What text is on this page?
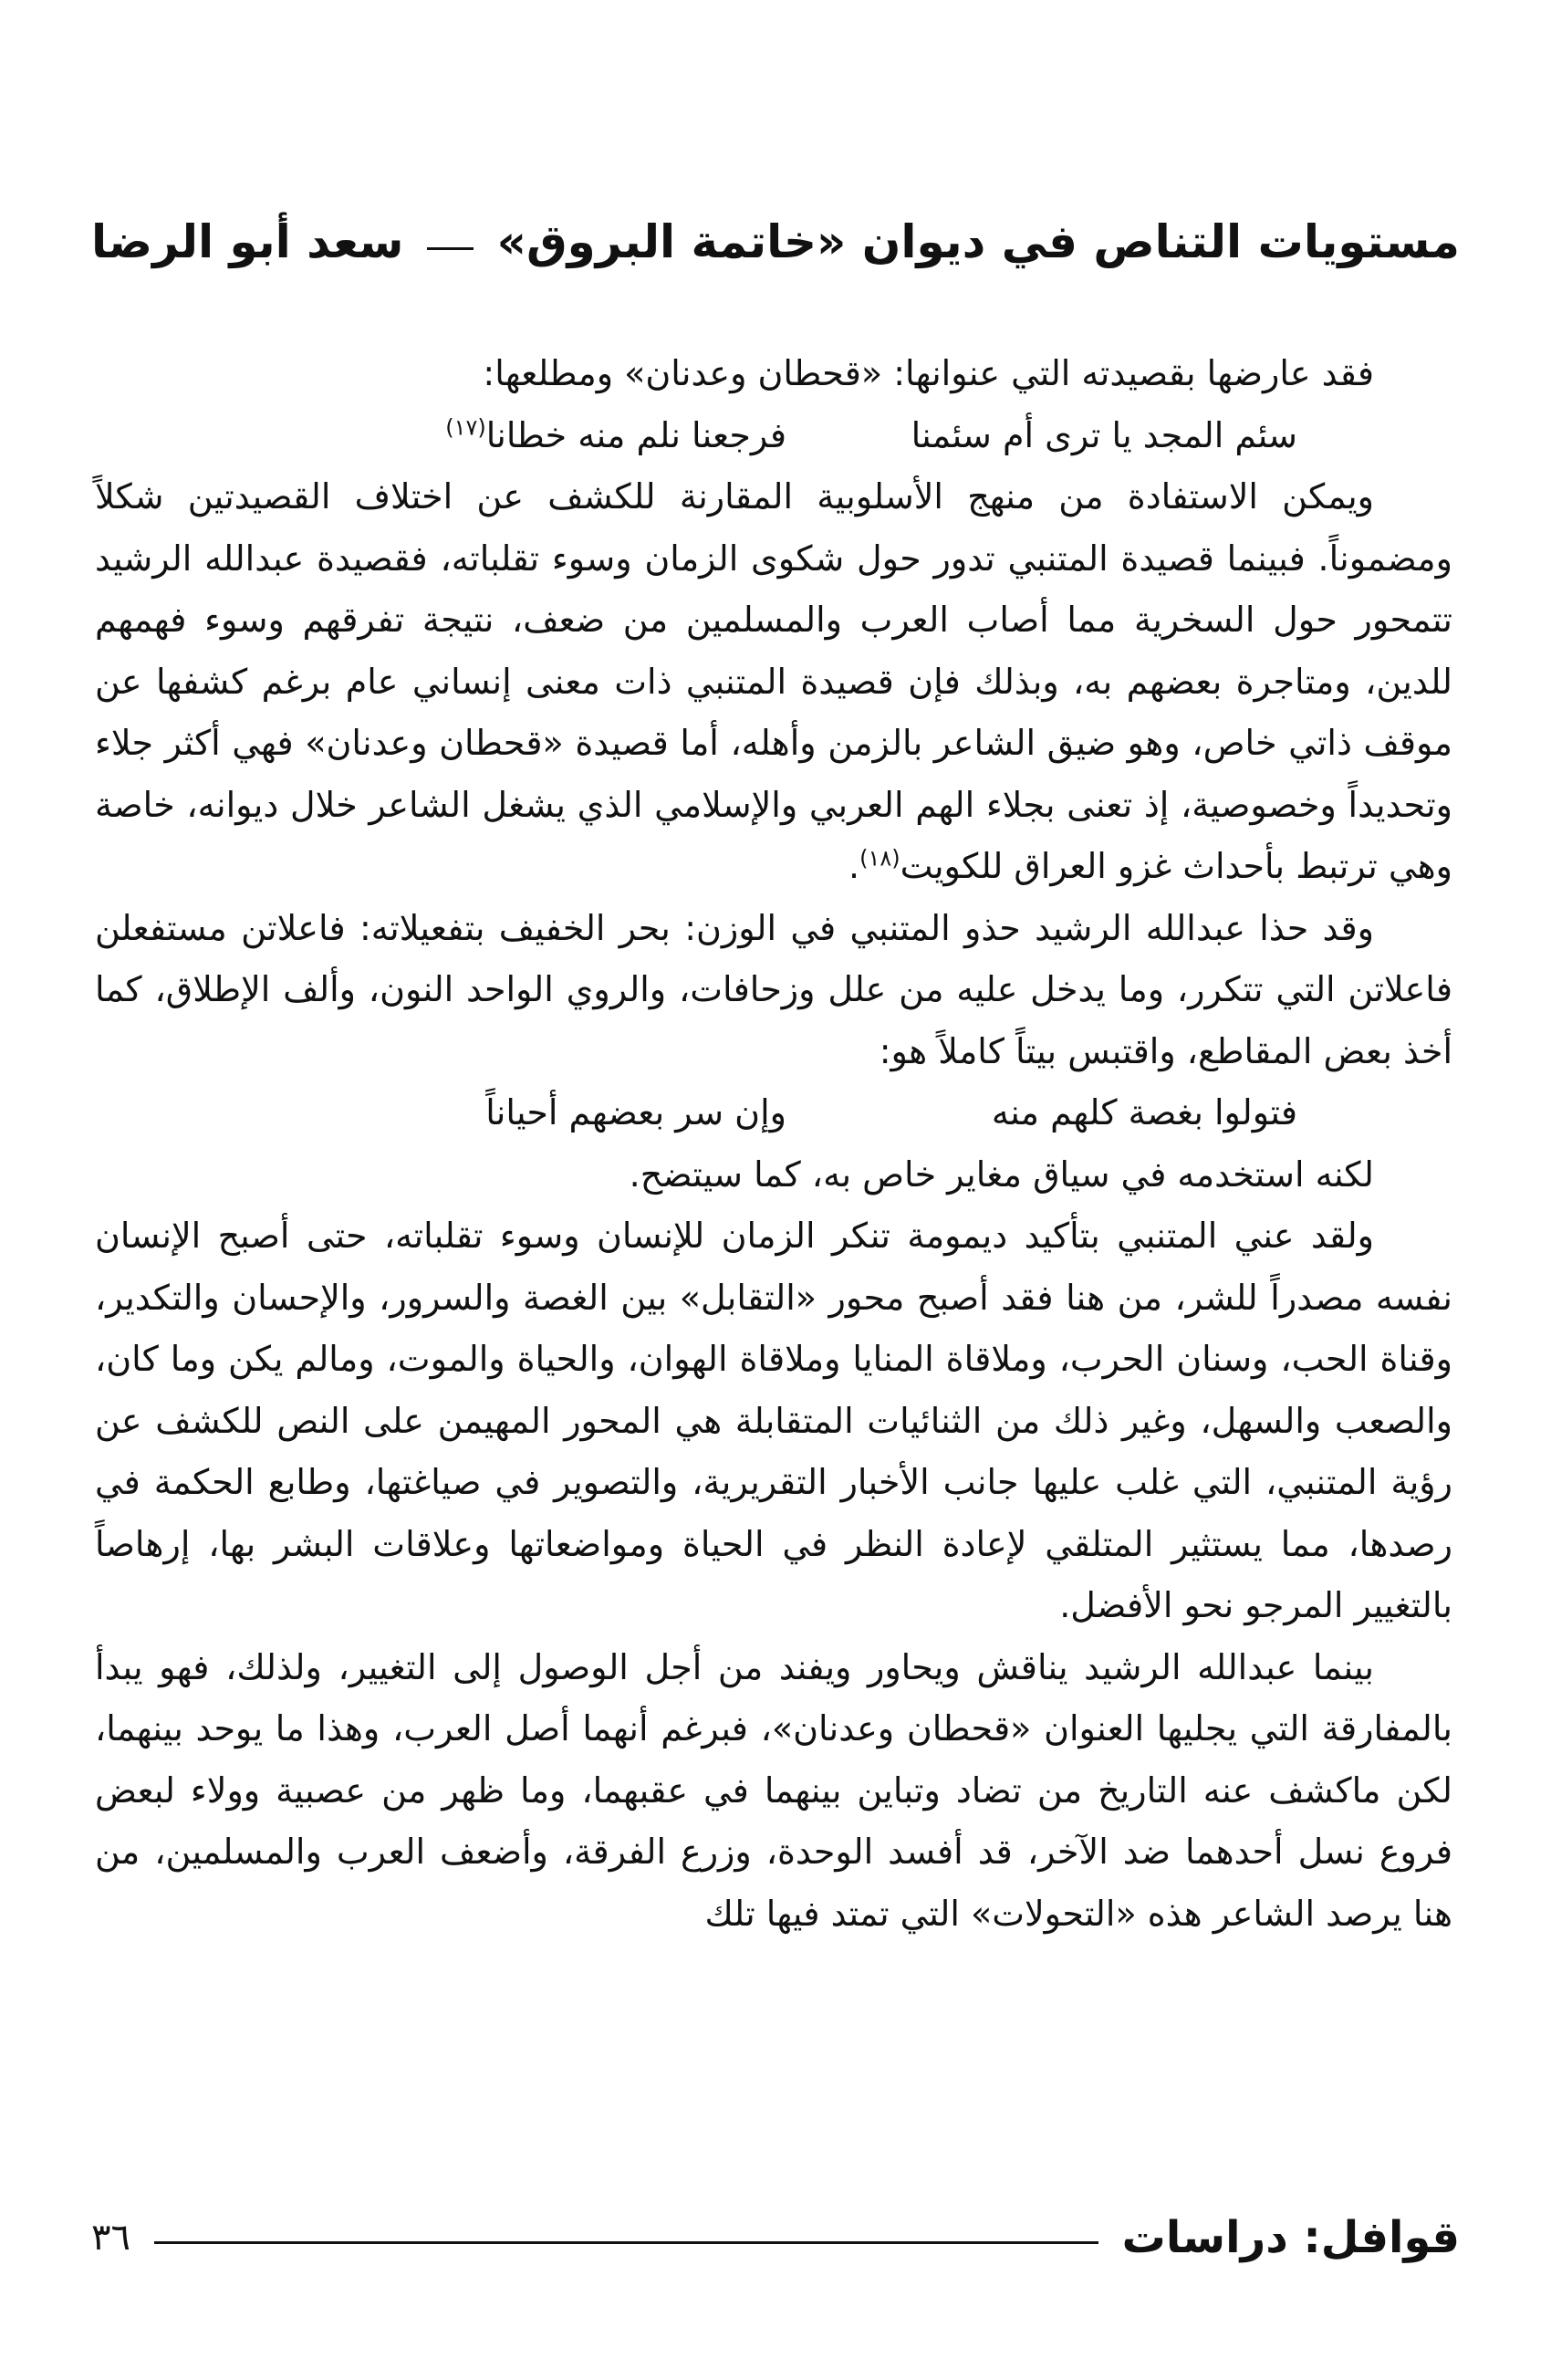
مستويات التناص في ديوان «خاتمة البروق»
سعد أبو الرضا

فقد عارضها بقصيدته التي عنوانها: «قحطان وعدنان» ومطلعها:

سئم المجد يا ترى أم سئمنا
فرجعنا نلم منه خطانا$^{(١٧)}$

ويمكن الاستفادة من منهج الأسلوبية المقارنة للكشف عن اختلاف القصيدتين شكلاً ومضموناً. فبينما قصيدة المتنبي تدور حول شكوى الزمان وسوء تقلباته، فقصيدة عبدالله الرشيد تتمحور حول السخرية مما أصاب العرب والمسلمين من ضعف، نتيجة تفرقهم وسوء فهمهم للدين، ومتاجرة بعضهم به، وبذلك فإن قصيدة المتنبي ذات معنى إنساني عام برغم كشفها عن موقف ذاتي خاص، وهو ضيق الشاعر بالزمن وأهله، أما قصيدة «قحطان وعدنان» فهي أكثر جلاء وتحديداً وخصوصية، إذ تعنى بجلاء الهم العربي والإسلامي الذي يشغل الشاعر خلال ديوانه، خاصة وهي ترتبط بأحداث غزو العراق للكويت$^{(١٨)}$.

وقد حذا عبدالله الرشيد حذو المتنبي في الوزن: بحر الخفيف بتفعيلاته: فاعلاتن مستفعلن فاعلاتن التي تتكرر، وما يدخل عليه من علل وزحافات، والروي الواحد النون، وألف الإطلاق، كما أخذ بعض المقاطع، واقتبس بيتاً كاملاً هو:

فتولوا بغصة كلهم منه
وإن سر بعضهم أحياناً

لكنه استخدمه في سياق مغاير خاص به، كما سيتضح.

ولقد عني المتنبي بتأكيد ديمومة تنكر الزمان للإنسان وسوء تقلباته، حتى أصبح الإنسان نفسه مصدراً للشر، من هنا فقد أصبح محور «التقابل» بين الغصة والسرور، والإحسان والتكدير، وقناة الحب، وسنان الحرب، وملاقاة المنايا وملاقاة الهوان، والحياة والموت، ومالم يكن وما كان، والصعب والسهل، وغير ذلك من الثنائيات المتقابلة هي المحور المهيمن على النص للكشف عن رؤية المتنبي، التي غلب عليها جانب الأخبار التقريرية، والتصوير في صياغتها، وطابع الحكمة في رصدها، مما يستثير المتلقي لإعادة النظر في الحياة ومواضعاتها وعلاقات البشر بها، إرهاصاً بالتغيير المرجو نحو الأفضل.

بينما عبدالله الرشيد يناقش ويحاور ويفند من أجل الوصول إلى التغيير، ولذلك، فهو يبدأ بالمفارقة التي يجليها العنوان «قحطان وعدنان»، فبرغم أنهما أصل العرب، وهذا ما يوحد بينهما، لكن ماكشف عنه التاريخ من تضاد وتباين بينهما في عقبهما، وما ظهر من عصبية وولاء لبعض فروع نسل أحدهما ضد الآخر، قد أفسد الوحدة، وزرع الفرقة، وأضعف العرب والمسلمين، من هنا يرصد الشاعر هذه «التحولات» التي تمتد فيها تلك

قوافل: دراسات
٣٦
